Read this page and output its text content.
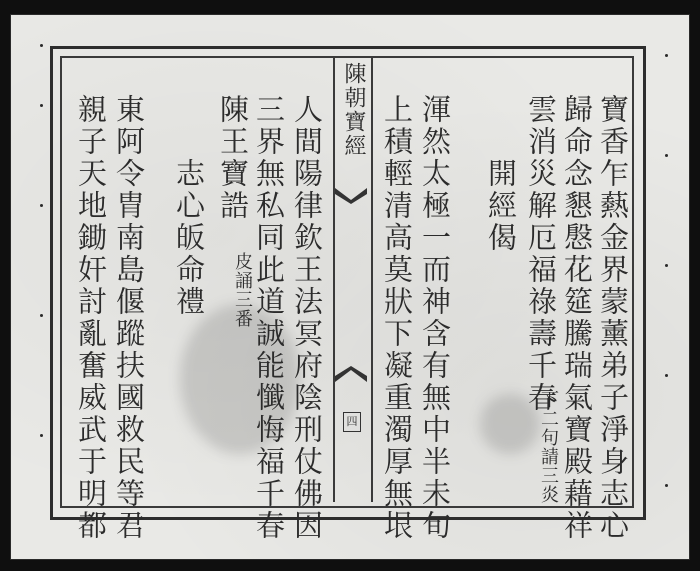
陳朝寶經
四	寶香乍爇金界蒙薰弟子淨身志心
歸命念懇慇花筵騰瑞氣寶殿藉祥
雲消災解厄福祿壽千春
下二句請三炎
開經偈
渾然太極一而神含有無中半未旬
上積輕清高莫狀下凝重濁厚無垠
人間陽律欽王法冥府陰刑仗佛因
三界無私同此道誠能懺悔福千春
陳王寶誥
皮誦三番
志心皈命禮
東阿令胄南島偃蹤扶國救民等君
親子天地鋤奸討亂奮威武于明都
